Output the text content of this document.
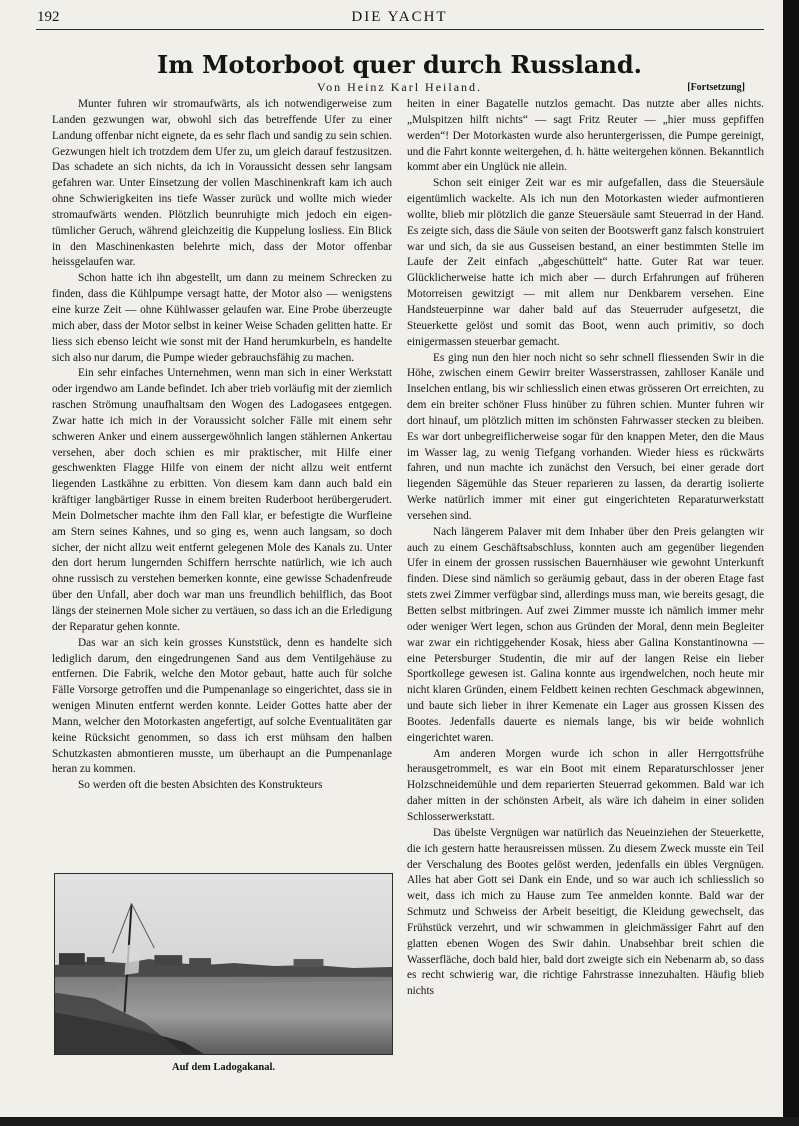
192	DIE YACHT
Im Motorboot quer durch Russland.
Von Heinz Karl Heiland.	[Fortsetzung]

Munter fuhren wir stromaufwärts, als ich notwendigerweise zum Landen gezwungen war, obwohl sich das betreffende Ufer zu einer Landung offenbar nicht eignete, da es sehr flach und sandig zu sein schien. Gezwungen hielt ich trotzdem dem Ufer zu, um gleich darauf festzusitzen. Das schadete an sich nichts, da ich in Voraussicht dessen sehr langsam gefahren war. Unter Einsetzung der vollen Maschinenkraft kam ich auch ohne Schwierigkeiten ins tiefe Wasser zurück und wollte mich wieder stromaufwärts wenden. Plötzlich beunruhigte mich jedoch ein eigentümlicher Geruch, während gleichzeitig die Kuppelung losliess. Ein Blick in den Maschinenkasten belehrte mich, dass der Motor offenbar heissgelaufen war.

Schon hatte ich ihn abgestellt, um dann zu meinem Schrecken zu finden, dass die Kühlpumpe versagt hatte, der Motor also — wenigstens eine kurze Zeit — ohne Kühlwasser gelaufen war. Eine Probe überzeugte mich aber, dass der Motor selbst in keiner Weise Schaden gelitten hatte. Er liess sich ebenso leicht wie sonst mit der Hand herumkurbeln, es handelte sich also nur darum, die Pumpe wieder gebrauchsfähig zu machen.

Ein sehr einfaches Unternehmen, wenn man sich in einer Werkstatt oder irgendwo am Lande befindet. Ich aber trieb vorläufig mit der ziemlich raschen Strömung unaufhaltsam den Wogen des Ladogasees entgegen. Zwar hatte ich mich in der Voraussicht solcher Fälle mit einem sehr schweren Anker und einem aussergewöhnlich langen stählernen Ankertau versehen, aber doch schien es mir praktischer, mit Hilfe einer geschwenkten Flagge Hilfe von einem der nicht allzu weit entfernt liegenden Lastkähne zu erbitten. Von diesem kam dann auch bald ein kräftiger langbärtiger Russe in einem breiten Ruderboot herübergerudert. Mein Dolmetscher machte ihm den Fall klar, er befestigte die Wurfleine am Stern seines Kahnes, und so ging es, wenn auch langsam, so doch sicher, der nicht allzu weit entfernt gelegenen Mole des Kanals zu. Unter den dort herum lungernden Schiffern herrschte natürlich, wie ich auch ohne russisch zu verstehen bemerken konnte, eine gewisse Schadenfreude über den Unfall, aber doch war man uns freundlich behilflich, das Boot längs der steinernen Mole sicher zu vertäuen, so dass ich an die Erledigung der Reparatur gehen konnte.

Das war an sich kein grosses Kunststück, denn es handelte sich lediglich darum, den eingedrungenen Sand aus dem Ventilgehäuse zu entfernen. Die Fabrik, welche den Motor gebaut, hatte auch für solche Fälle Vorsorge getroffen und die Pumpenanlage so eingerichtet, dass sie in wenigen Minuten entfernt werden konnte. Leider Gottes hatte aber der Mann, welcher den Motorkasten angefertigt, auf solche Eventualitäten gar keine Rücksicht genommen, so dass ich erst mühsam den halben Schutzkasten abmontieren musste, um überhaupt an die Pumpenanlage heran zu kommen.

So werden oft die besten Absichten des Konstrukteurs

Auf dem Ladogakanal.

heiten in einer Bagatelle nutzlos gemacht. Das nutzte aber alles nichts. „Mulspitzen hilft nichts“ — sagt Fritz Reuter — „hier muss gepfiffen werden“! Der Motorkasten wurde also heruntergerissen, die Pumpe gereinigt, und die Fahrt konnte weitergehen, d. h. hätte weitergehen können. Bekanntlich kommt aber ein Unglück nie allein.

Schon seit einiger Zeit war es mir aufgefallen, dass die Steuersäule eigentümlich wackelte. Als ich nun den Motorkasten wieder aufmontieren wollte, blieb mir plötzlich die ganze Steuersäule samt Steuerrad in der Hand. Es zeigte sich, dass die Säule von seiten der Bootswerft ganz falsch konstruiert war und sich, da sie aus Gusseisen bestand, an einer bestimmten Stelle im Laufe der Zeit einfach „abgeschüttelt“ hatte. Guter Rat war teuer. Glücklicherweise hatte ich mich aber — durch Erfahrungen auf früheren Motorreisen gewitzigt — mit allem nur Denkbarem versehen. Eine Handsteuerpinne war daher bald auf das Steuerruder aufgesetzt, die Steuerkette gelöst und somit das Boot, wenn auch primitiv, so doch einigermassen steuerbar gemacht.

Es ging nun den hier noch nicht so sehr schnell fliessenden Swir in die Höhe, zwischen einem Gewirr breiter Wasserstrassen, zahlloser Kanäle und Inselchen entlang, bis wir schliesslich einen etwas grösseren Ort erreichten, zu dem ein breiter schöner Fluss hinüber zu führen schien. Munter fuhren wir dort hinauf, um plötzlich mitten im schönsten Fahrwasser stecken zu bleiben. Es war dort unbegreiflicherweise sogar für den knappen Meter, den die Maus im Wasser lag, zu wenig Tiefgang vorhanden. Wieder hiess es rückwärts fahren, und nun machte ich zunächst den Versuch, bei einer gerade dort liegenden Sägemühle das Steuer reparieren zu lassen, da derartig isolierte Werke natürlich immer mit einer gut eingerichteten Reparaturwerkstatt versehen sind.

Nach längerem Palaver mit dem Inhaber über den Preis gelangten wir auch zu einem Geschäftsabschluss, konnten auch am gegenüber liegenden Ufer in einem der grossen russischen Bauernhäuser wie gewohnt Unterkunft finden. Diese sind nämlich so geräumig gebaut, dass in der oberen Etage fast stets zwei Zimmer verfügbar sind, allerdings muss man, wie bereits gesagt, die Betten selbst mitbringen. Auf zwei Zimmer musste ich nämlich immer mehr oder weniger Wert legen, schon aus Gründen der Moral, denn mein Begleiter war zwar ein richtiggehender Kosak, hiess aber Galina Konstantinowna — eine Petersburger Studentin, die mir auf der langen Reise ein lieber Sportkollege gewesen ist. Galina konnte aus irgendwelchen, noch heute mir nicht klaren Gründen, einem Feldbett keinen rechten Geschmack abgewinnen, und baute sich lieber in ihrer Kemenate ein Lager aus grossen Kissen des Bootes. Jedenfalls dauerte es niemals lange, bis wir beide wohnlich eingerichtet waren.

Am anderen Morgen wurde ich schon in aller Herrgottsfrühe herausgetrommelt, es war ein Boot mit einem Reparaturschlosser jener Holzschneidemühle und dem reparierten Steuerrad gekommen. Bald war ich daher mitten in der schönsten Arbeit, als wäre ich daheim in einer soliden Schlosserwerkstatt.

Das übelste Vergnügen war natürlich das Neueinziehen der Steuerkette, die ich gestern hatte herausreissen müssen. Zu diesem Zweck musste ein Teil der Verschalung des Bootes gelöst werden, jedenfalls ein übles Vergnügen. Alles hat aber Gott sei Dank ein Ende, und so war auch ich schliesslich so weit, dass ich mich zu Hause zum Tee anmelden konnte. Bald war der Schmutz und Schweiss der Arbeit beseitigt, die Kleidung gewechselt, das Frühstück verzehrt, und wir schwammen in gleichmässiger Fahrt auf den glatten ebenen Wogen des Swir dahin. Unabsehbar breit schien die Wasserfläche, doch bald hier, bald dort zweigte sich ein Nebenarm ab, so dass es recht schwierig war, die richtige Fahrstrasse innezuhalten. Häufig blieb nichts
